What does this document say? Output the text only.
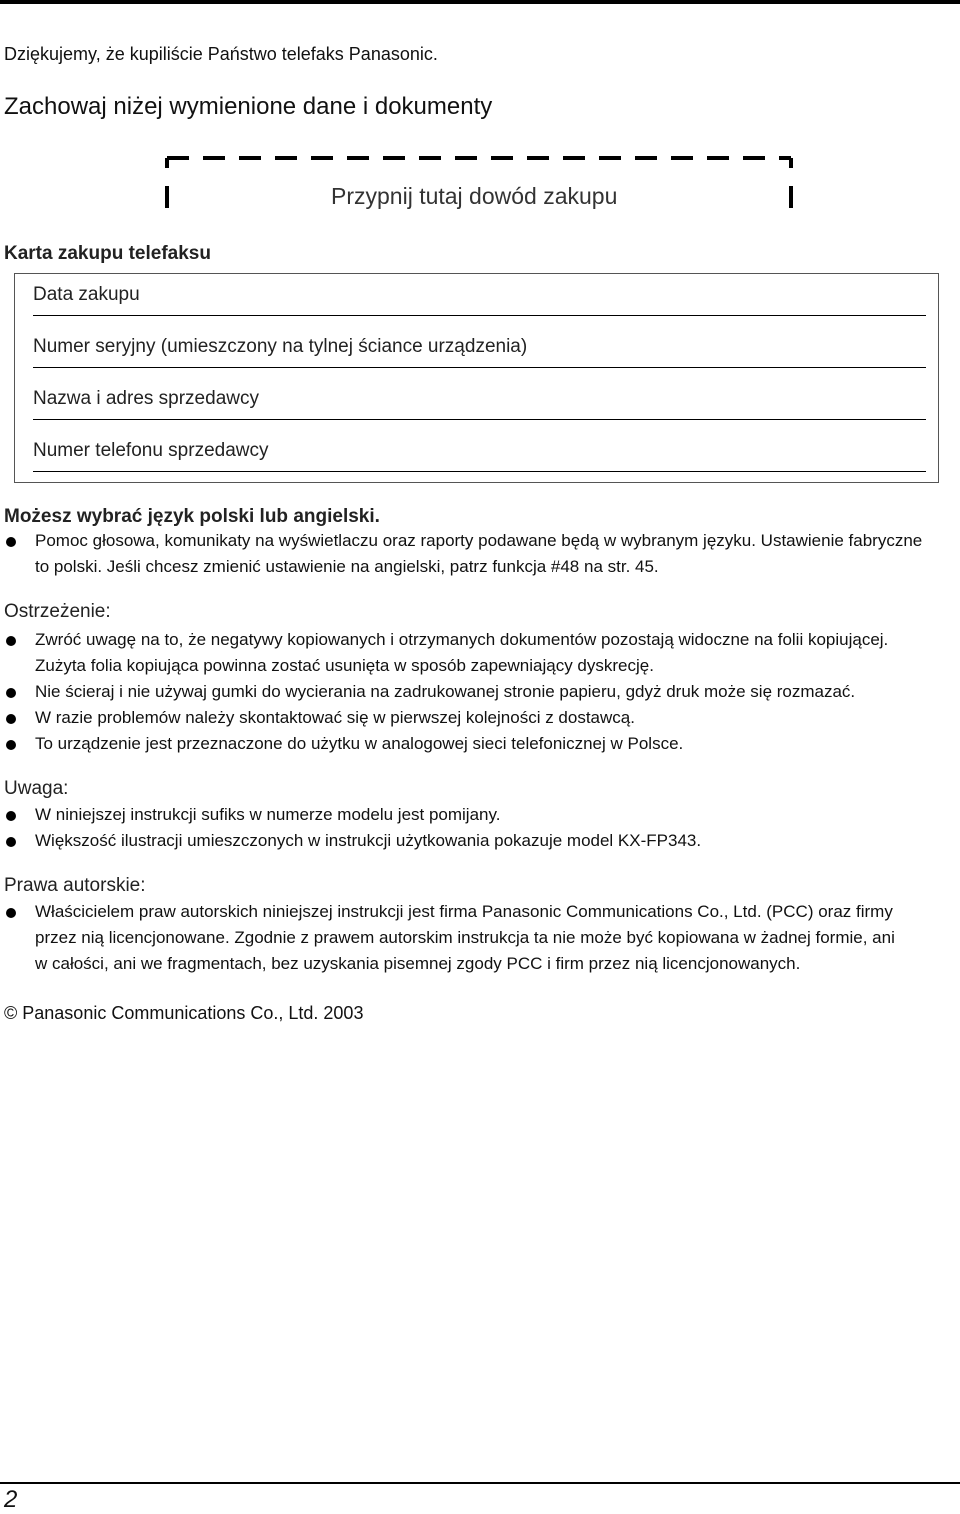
Dziękujemy, że kupiliście Państwo telefaks Panasonic.
Zachowaj niżej wymienione dane i dokumenty
Przypnij tutaj dowód zakupu
Karta zakupu telefaksu
Data zakupu
Numer seryjny (umieszczony na tylnej ściance urządzenia)
Nazwa i adres sprzedawcy
Numer telefonu sprzedawcy
Możesz wybrać język polski lub angielski.
Pomoc głosowa, komunikaty na wyświetlaczu oraz raporty podawane będą w wybranym języku. Ustawienie fabryczne
to polski. Jeśli chcesz zmienić ustawienie na angielski, patrz funkcja #48 na str. 45.
Ostrzeżenie:
Zwróć uwagę na to, że negatywy kopiowanych i otrzymanych dokumentów pozostają widoczne na folii kopiującej.
Zużyta folia kopiująca powinna zostać usunięta w sposób zapewniający dyskrecję.
Nie ścieraj i nie używaj gumki do wycierania na zadrukowanej stronie papieru, gdyż druk może się rozmazać.
W razie problemów należy skontaktować się w pierwszej kolejności z dostawcą.
To urządzenie jest przeznaczone do użytku w analogowej sieci telefonicznej w Polsce.
Uwaga:
W niniejszej instrukcji sufiks w numerze modelu jest pomijany.
Większość ilustracji umieszczonych w instrukcji użytkowania pokazuje model KX-FP343.
Prawa autorskie:
Właścicielem praw autorskich niniejszej instrukcji jest firma Panasonic Communications Co., Ltd. (PCC) oraz firmy
przez nią licencjonowane. Zgodnie z prawem autorskim instrukcja ta nie może być kopiowana w żadnej formie, ani
w całości, ani we fragmentach, bez uzyskania pisemnej zgody PCC i firm przez nią licencjonowanych.
© Panasonic Communications Co., Ltd. 2003
2
